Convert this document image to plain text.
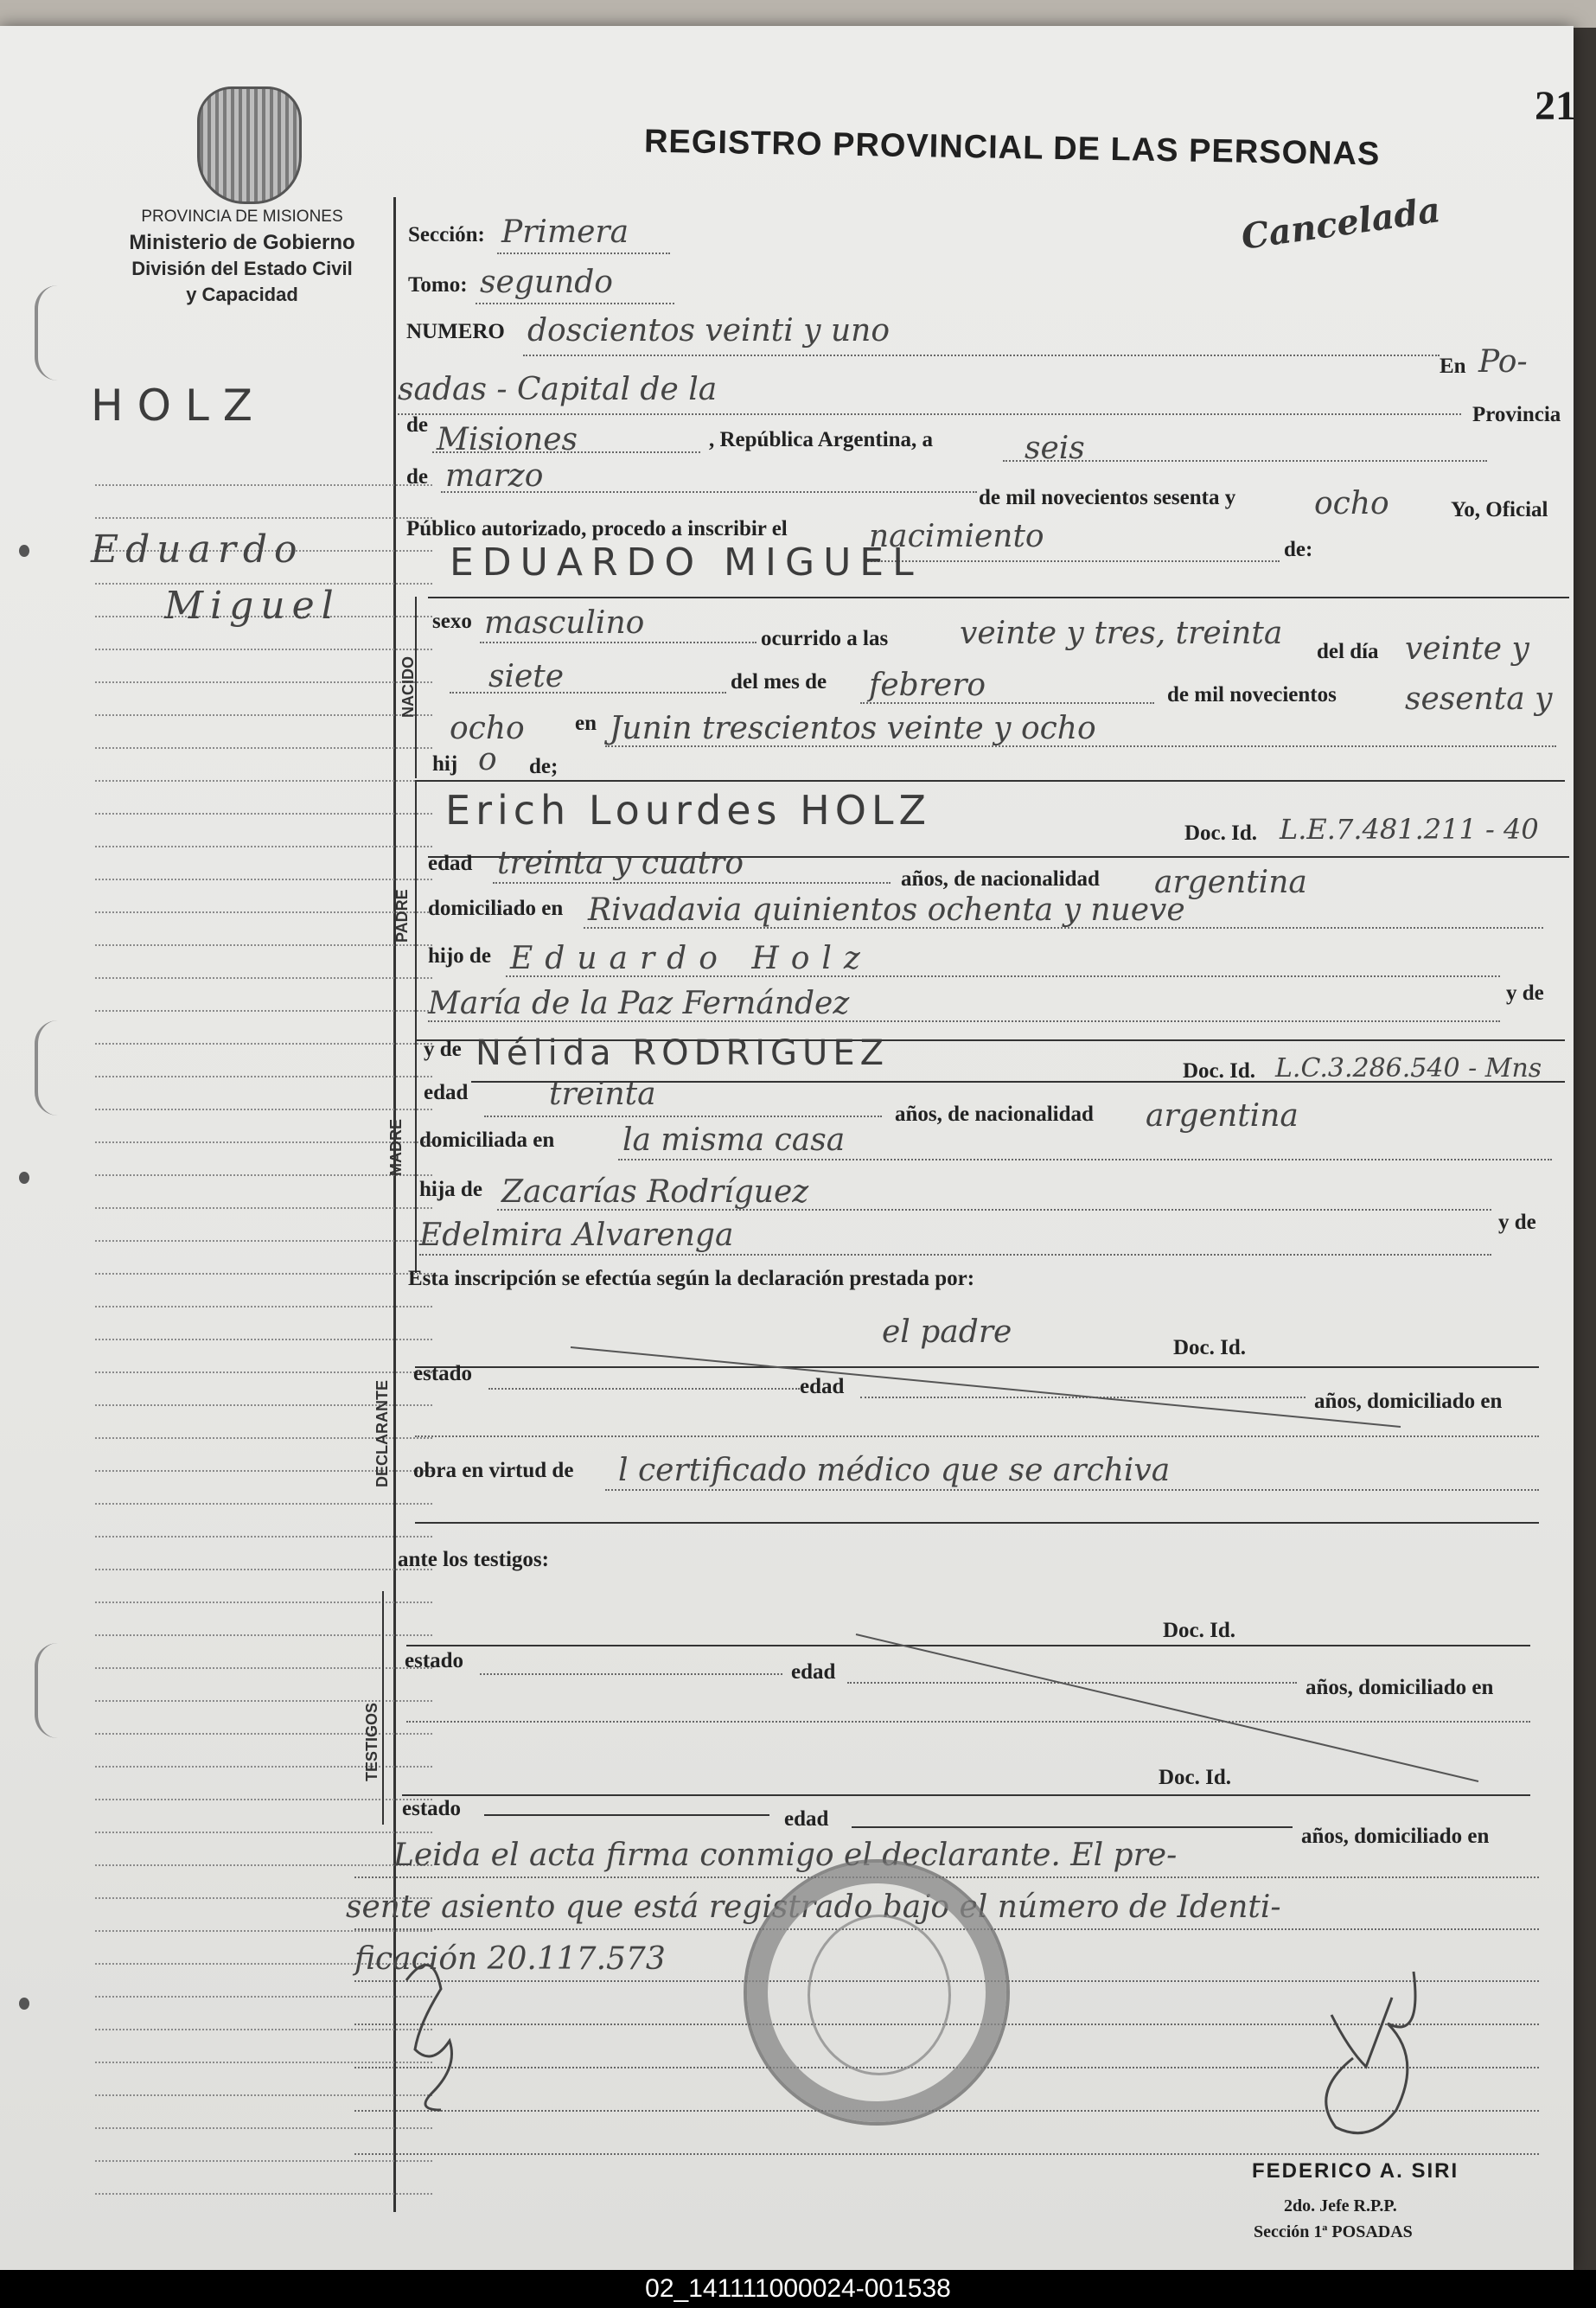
21
REGISTRO PROVINCIAL DE LAS PERSONAS
PROVINCIA DE MISIONES
Ministerio de Gobierno
División del Estado Civil
y Capacidad
Cancelada
HOLZ
Eduardo
Miguel
Sección: Primera
Tomo: segundo
NUMERO doscientos veinti y uno
En Po-
sadas - Capital de la
Provincia
de Misiones	, República Argentina, a	seis
de marzo
de mil novecientos sesenta y	ocho	Yo, Oficial
Público autorizado, procedo a inscribir el	nacimiento	de:
EDUARDO MIGUEL
NACIDO
sexo masculino	ocurrido a las veinte y tres, treinta
del día veinte y
siete	del mes de febrero	de mil novecientos sesenta y
ocho en Junin trescientos veinte y ocho
hij o de;
PADRE
Erich Lourdes HOLZ	Doc. Id. L.E.7.481.211 - 40
edad treinta y cuatro	años, de nacionalidad argentina
domiciliado en Rivadavia quinientos ochenta y nueve
hijo de Eduardo Holz
y de
María de la Paz Fernández
MADRE
y de Nélida RODRIGUEZ	Doc. Id. L.C.3.286.540 - Mns
edad	treinta
años, de nacionalidad argentina
domiciliada en la misma casa
hija de Zacarías Rodríguez
y de
Edelmira Alvarenga
Esta inscripción se efectúa según la declaración prestada por:
DECLARANTE
el padre	Doc. Id.
estado
edad
años, domiciliado en
obra en virtud de l certificado médico que se archiva
ante los testigos:
TESTIGOS
Doc. Id.
estado	edad
años, domiciliado en
Doc. Id.
estado	edad
años, domiciliado en
Leida el acta firma conmigo el declarante. El pre-
sente asiento que está registrado bajo el número de Identi-
ficación 20.117.573
FEDERICO A. SIRI
2do. Jefe R.P.P.
Sección 1ª POSADAS
02_141111000024-001538
